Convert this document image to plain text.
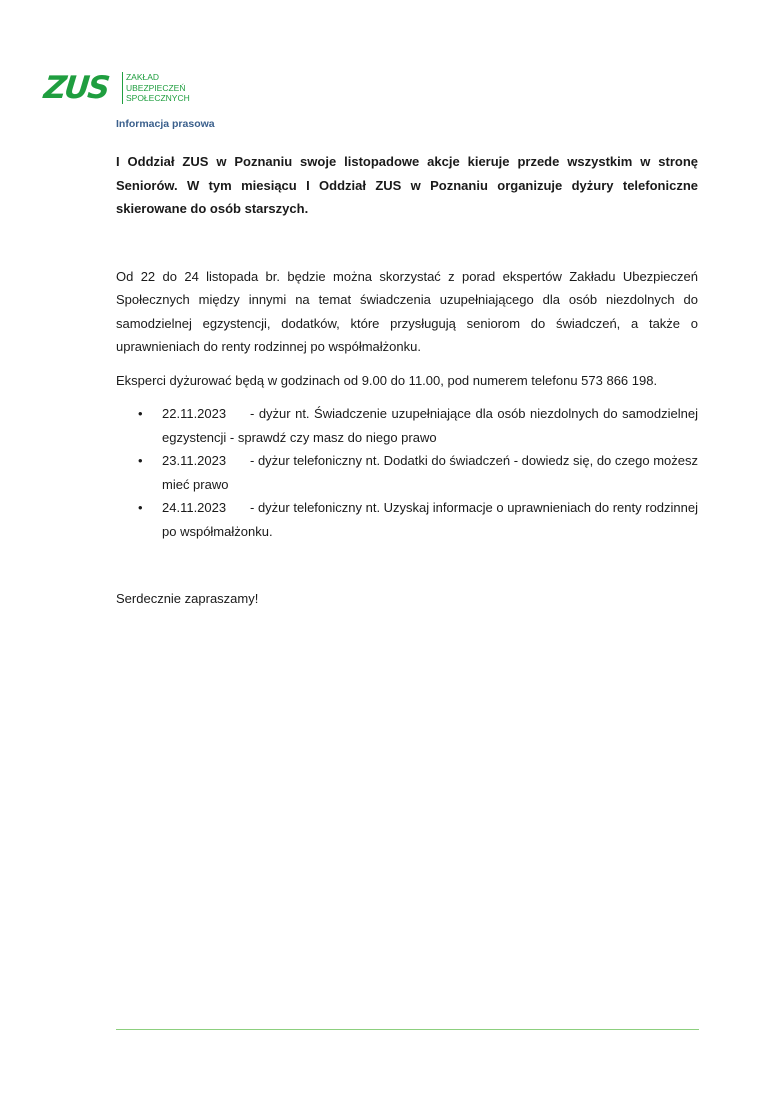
ZUS ZAKŁAD
UBEZPIECZEŃ
SPOŁECZNYCH
Informacja prasowa

I Oddział ZUS w Poznaniu swoje listopadowe akcje kieruje przede wszystkim w stronę Seniorów. W tym miesiącu I Oddział ZUS w Poznaniu organizuje dyżury telefoniczne skierowane do osób starszych.

Od 22 do 24 listopada br. będzie można skorzystać z porad ekspertów Zakładu Ubezpieczeń Społecznych między innymi na temat świadczenia uzupełniającego dla osób niezdolnych do samodzielnej egzystencji, dodatków, które przysługują seniorom do świadczeń, a także o uprawnieniach do renty rodzinnej po współmałżonku.

Eksperci dyżurować będą w godzinach od 9.00 do 11.00, pod numerem telefonu 573 866 198.

• 22.11.2023 - dyżur nt. Świadczenie uzupełniające dla osób niezdolnych do samodzielnej egzystencji - sprawdź czy masz do niego prawo
• 23.11.2023 - dyżur telefoniczny nt. Dodatki do świadczeń - dowiedz się, do czego możesz mieć prawo
• 24.11.2023 - dyżur telefoniczny nt. Uzyskaj informacje o uprawnieniach do renty rodzinnej po współmałżonku.

Serdecznie zapraszamy!
